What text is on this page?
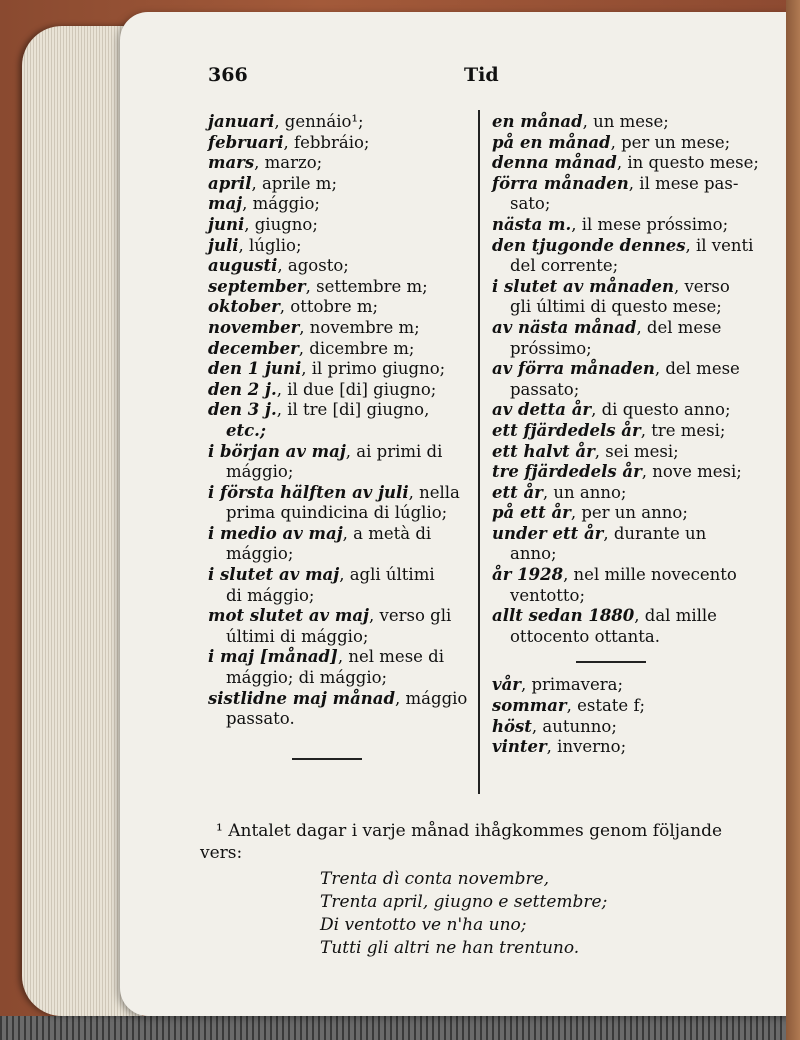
366	Tid
januari, gennáio¹;
februari, febbráio;
mars, marzo;
april, aprile m;
maj, mággio;
juni, giugno;
juli, lúglio;
augusti, agosto;
september, settembre m;
oktober, ottobre m;
november, novembre m;
december, dicembre m;
den 1 juni, il primo giugno;
den 2 j., il due [di] giugno;
den 3 j., il tre [di] giugno,
etc.;
i början av maj, ai primi di
mággio;
i första hälften av juli, nella
prima quindicina di lúglio;
i medio av maj, a metà di
mággio;
i slutet av maj, agli últimi
di mággio;
mot slutet av maj, verso gli
últimi di mággio;
i maj [månad], nel mese di
mággio; di mággio;
sistlidne maj månad, mággio
passato.
en månad, un mese;
på en månad, per un mese;
denna månad, in questo mese;
förra månaden, il mese pas-
sato;
nästa m., il mese próssimo;
den tjugonde dennes, il venti
del corrente;
i slutet av månaden, verso
gli últimi di questo mese;
av nästa månad, del mese
próssimo;
av förra månaden, del mese
passato;
av detta år, di questo anno;
ett fjärdedels år, tre mesi;
ett halvt år, sei mesi;
tre fjärdedels år, nove mesi;
ett år, un anno;
på ett år, per un anno;
under ett år, durante un
anno;
år 1928, nel mille novecento
ventotto;
allt sedan 1880, dal mille
ottocento ottanta.
vår, primavera;
sommar, estate f;
höst, autunno;
vinter, inverno;
¹ Antalet dagar i varje månad ihågkommes genom följande
vers:
Trenta dì conta novembre,
Trenta april, giugno e settembre;
Di ventotto ve n'ha uno;
Tutti gli altri ne han trentuno.
